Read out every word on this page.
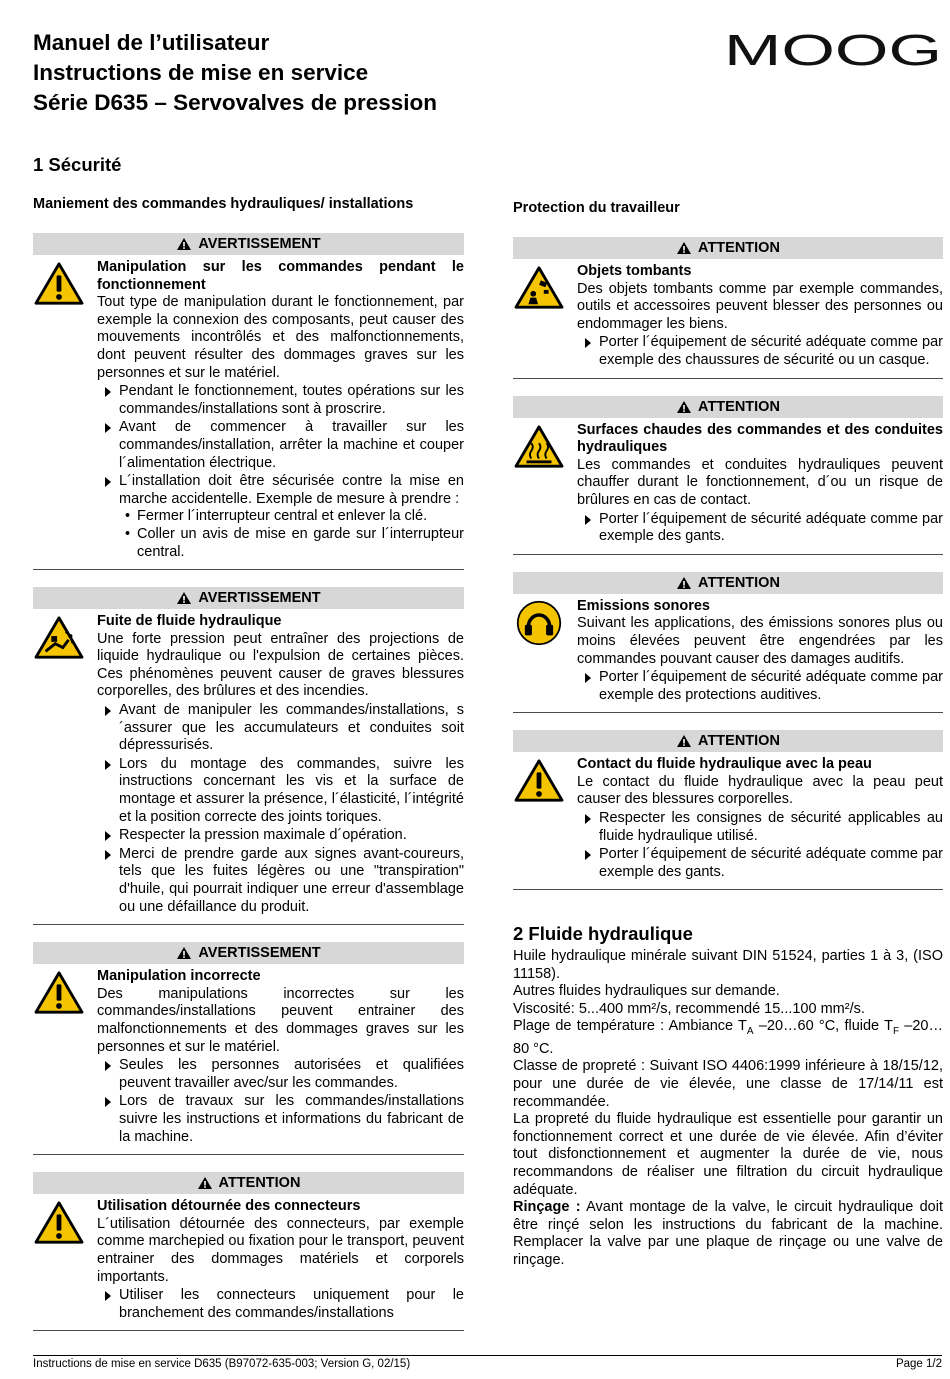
Manuel de l’utilisateur
Instructions de mise en service
Série D635 – Servovalves de pression
MOOG
1 Sécurité
Maniement des commandes hydrauliques/ installations	Protection du travailleur
AVERTISSEMENT
Manipulation sur les commandes pendant le fonctionnement
Tout type de manipulation durant le fonctionnement, par exemple la connexion des composants, peut causer des mouvements incontrôlés et des malfonctionnements, dont peuvent résulter des dommages graves sur les personnes et sur le matériel.
Pendant le fonctionnement, toutes opérations sur les commandes/installations sont à proscrire.
Avant de commencer à travailler sur les commandes/installation, arrêter la machine et couper l´alimentation électrique.
L´installation doit être sécurisée contre la mise en marche accidentelle. Exemple de mesure à prendre :
• Fermer l´interrupteur central et enlever la clé.
• Coller un avis de mise en garde sur l´interrupteur central.
AVERTISSEMENT
Fuite de fluide hydraulique
Une forte pression peut entraîner des projections de liquide hydraulique ou l'expulsion de certaines pièces. Ces phénomènes peuvent causer de graves blessures corporelles, des brûlures et des incendies.
Avant de manipuler les commandes/installations, s´assurer que les accumulateurs et conduites soit dépressurisés.
Lors du montage des commandes, suivre les instructions concernant les vis et la surface de montage et assurer la présence, l´élasticité, l´intégrité et la position correcte des joints toriques.
Respecter la pression maximale d´opération.
Merci de prendre garde aux signes avant-coureurs, tels que les fuites légères ou une "transpiration" d'huile, qui pourrait indiquer une erreur d'assemblage ou une défaillance du produit.
AVERTISSEMENT
Manipulation incorrecte
Des manipulations incorrectes sur les commandes/installations peuvent entrainer des malfonctionnements et des dommages graves sur les personnes et sur le matériel.
Seules les personnes autorisées et qualifiées peuvent travailler avec/sur les commandes.
Lors de travaux sur les commandes/installations suivre les instructions et informations du fabricant de la machine.
ATTENTION
Utilisation détournée des connecteurs
L´utilisation détournée des connecteurs, par exemple comme marchepied ou fixation pour le transport, peuvent entrainer des dommages matériels et corporels importants.
Utiliser les connecteurs uniquement pour le branchement des commandes/installations
ATTENTION
Objets tombants
Des objets tombants comme par exemple commandes, outils et accessoires peuvent blesser des personnes ou endommager les biens.
Porter l´équipement de sécurité adéquate comme par exemple des chaussures de sécurité ou un casque.
ATTENTION
Surfaces chaudes des commandes et des conduites hydrauliques
Les commandes et conduites hydrauliques peuvent chauffer durant le fonctionnement, d´ou un risque de brûlures en cas de contact.
Porter l´équipement de sécurité adéquate comme par exemple des gants.
ATTENTION
Emissions sonores
Suivant les applications, des émissions sonores plus ou moins élevées peuvent être engendrées par les commandes pouvant causer des damages auditifs.
Porter l´équipement de sécurité adéquate comme par exemple des protections auditives.
ATTENTION
Contact du fluide hydraulique avec la peau
Le contact du fluide hydraulique avec la peau peut causer des blessures corporelles.
Respecter les consignes de sécurité applicables au fluide hydraulique utilisé.
Porter l´équipement de sécurité adéquate comme par exemple des gants.
2 Fluide hydraulique
Huile hydraulique minérale suivant DIN 51524, parties 1 à 3, (ISO 11158).
Autres fluides hydrauliques sur demande.
Viscosité: 5...400 mm²/s, recommendé 15...100 mm²/s.
Plage de température : Ambiance $T_A$ –20…60 °C, fluide $T_F$ –20…80 °C.
Classe de propreté : Suivant ISO 4406:1999 inférieure à 18/15/12, pour une durée de vie élevée, une classe de 17/14/11 est recommandée.
La propreté du fluide hydraulique est essentielle pour garantir un fonctionnement correct et une durée de vie élevée. Afin d’éviter tout disfonctionnement et augmenter la durée de vie, nous recommandons de réaliser une filtration du circuit hydraulique adéquate.
Rinçage : Avant montage de la valve, le circuit hydraulique doit être rinçé selon les instructions du fabricant de la machine. Remplacer la valve par une plaque de rinçage ou une valve de rinçage.
Instructions de mise en service D635 (B97072-635-003; Version G, 02/15)	Page 1/2
